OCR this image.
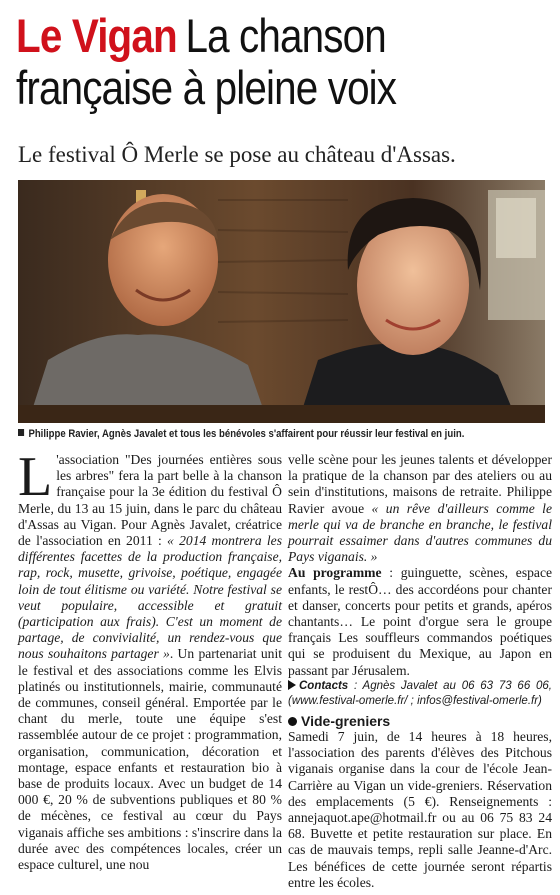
Le Vigan La chanson française à pleine voix
Le festival Ô Merle se pose au château d'Assas.
Philippe Ravier, Agnès Javalet et tous les bénévoles s'affairent pour réussir leur festival en juin.

L 'association "Des journées entières sous les arbres" fera la part belle à la chanson française pour la 3e édition du festival Ô Merle, du 13 au 15 juin, dans le parc du château d'Assas au Vigan. Pour Agnès Javalet, créatrice de l'association en 2011 : « 2014 montrera les différentes facettes de la production française, rap, rock, musette, grivoise, poétique, engagée loin de tout élitisme ou variété. Notre festival se veut populaire, accessible et gratuit (participation aux frais). C'est un moment de partage, de convivialité, un rendez-vous que nous souhaitons partager ». Un partenariat unit le festival et des associations comme les Elvis platinés ou institutionnels, mairie, communauté de communes, conseil général. Emportée par le chant du merle, toute une équipe s'est rassemblée autour de ce projet : programmation, organisation, communication, décoration et montage, espace enfants et restauration bio à base de produits locaux. Avec un budget de 14 000 €, 20 % de subventions publiques et 80 % de mécènes, ce festival au cœur du Pays viganais affiche ses ambitions : s'inscrire dans la durée avec des compétences locales, créer un espace culturel, une nou

velle scène pour les jeunes talents et développer la pratique de la chanson par des ateliers ou au sein d'institutions, maisons de retraite. Philippe Ravier avoue « un rêve d'ailleurs comme le merle qui va de branche en branche, le festival pourrait essaimer dans d'autres communes du Pays viganais. »

Au programme : guinguette, scènes, espace enfants, le restÔ… des accordéons pour chanter et danser, concerts pour petits et grands, apéros chantants… Le point d'orgue sera le groupe français Les souffleurs commandos poétiques qui se produisent du Mexique, au Japon en passant par Jérusalem.

Contacts : Agnès Javalet au 06 63 73 66 06, (www.festival-omerle.fr/ ; infos@festival-omerle.fr)

Vide-greniers

Samedi 7 juin, de 14 heures à 18 heures, l'association des parents d'élèves des Pitchous viganais organise dans la cour de l'école Jean-Carrière au Vigan un vide-greniers. Réservation des emplacements (5 €). Renseignements : annejaquot.ape@hotmail.fr ou au 06 75 83 24 68. Buvette et petite restauration sur place. En cas de mauvais temps, repli salle Jeanne-d'Arc. Les bénéfices de cette journée seront répartis entre les écoles.
